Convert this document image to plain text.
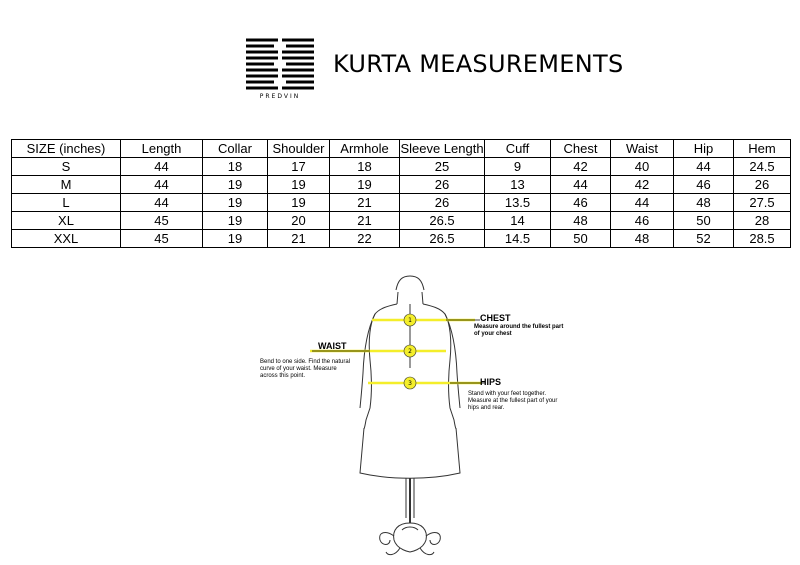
PREDVIN
KURTA MEASUREMENTS
SIZE (inches)	Length	Collar	Shoulder	Armhole	Sleeve Length	Cuff	Chest	Waist	Hip	Hem
S	44	18	17	18	25	9	42	40	44	24.5
M	44	19	19	19	26	13	44	42	46	26
L	44	19	19	21	26	13.5	46	44	48	27.5
XL	45	19	20	21	26.5	14	48	46	50	28
XXL	45	19	21	22	26.5	14.5	50	48	52	28.5
1
2
3
CHEST
Measure around the fullest part of your chest
WAIST
Bend to one side. Find the natural curve of your waist. Measure across this point.
HIPS
Stand with your feet together. Measure at the fullest part of your hips and rear.
